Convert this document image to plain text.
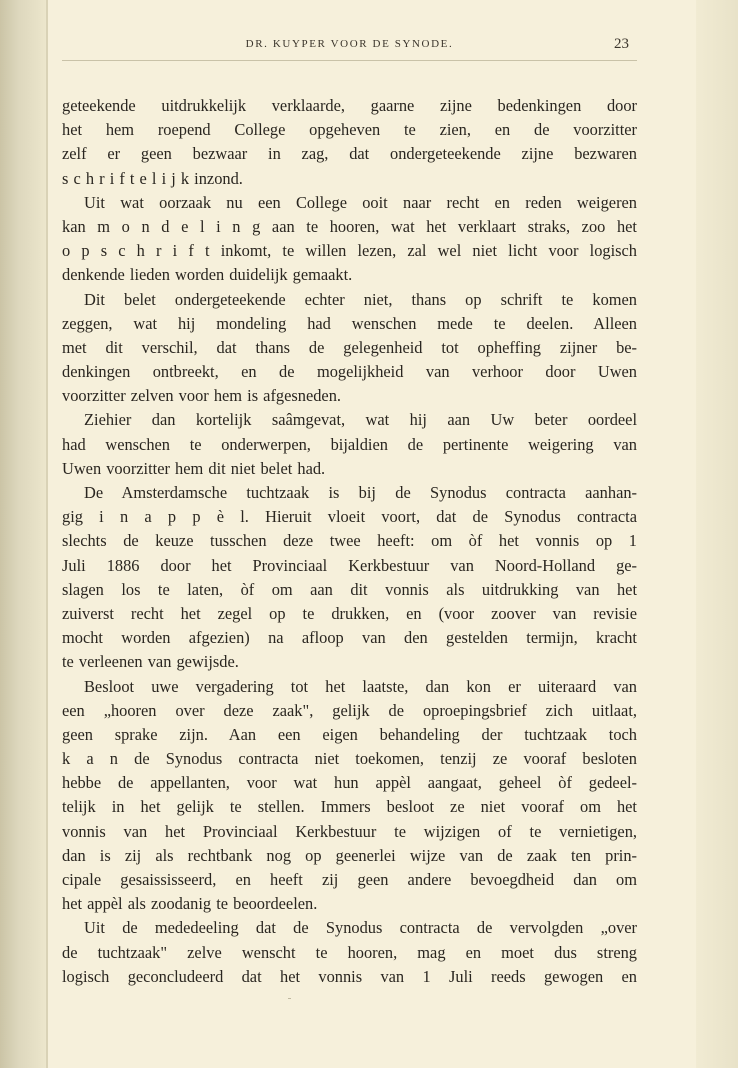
DR. KUYPER VOOR DE SYNODE.	23
geteekende uitdrukkelijk verklaarde, gaarne zijne bedenkingen door
het hem roepend College opgeheven te zien, en de voorzitter
zelf er geen bezwaar in zag, dat ondergeteekende zijne bezwaren
s c h r i f t e l i j k inzond.
Uit wat oorzaak nu een College ooit naar recht en reden weigeren
kan m o n d e l i n g aan te hooren, wat het verklaart straks, zoo het
o p s c h r i f t inkomt, te willen lezen, zal wel niet licht voor logisch
denkende lieden worden duidelijk gemaakt.
Dit belet ondergeteekende echter niet, thans op schrift te komen
zeggen, wat hij mondeling had wenschen mede te deelen. Alleen
met dit verschil, dat thans de gelegenheid tot opheffing zijner be-
denkingen ontbreekt, en de mogelijkheid van verhoor door Uwen
voorzitter zelven voor hem is afgesneden.
Ziehier dan kortelijk saâmgevat, wat hij aan Uw beter oordeel
had wenschen te onderwerpen, bijaldien de pertinente weigering van
Uwen voorzitter hem dit niet belet had.
De Amsterdamsche tuchtzaak is bij de Synodus contracta aanhan-
gig i n a p p è l. Hieruit vloeit voort, dat de Synodus contracta
slechts de keuze tusschen deze twee heeft: om òf het vonnis op 1
Juli 1886 door het Provinciaal Kerkbestuur van Noord-Holland ge-
slagen los te laten, òf om aan dit vonnis als uitdrukking van het
zuiverst recht het zegel op te drukken, en (voor zoover van revisie
mocht worden afgezien) na afloop van den gestelden termijn, kracht
te verleenen van gewijsde.
Besloot uwe vergadering tot het laatste, dan kon er uiteraard van
een „hooren over deze zaak", gelijk de oproepingsbrief zich uitlaat,
geen sprake zijn. Aan een eigen behandeling der tuchtzaak toch
k a n de Synodus contracta niet toekomen, tenzij ze vooraf besloten
hebbe de appellanten, voor wat hun appèl aangaat, geheel òf gedeel-
telijk in het gelijk te stellen. Immers besloot ze niet vooraf om het
vonnis van het Provinciaal Kerkbestuur te wijzigen of te vernietigen,
dan is zij als rechtbank nog op geenerlei wijze van de zaak ten prin-
cipale gesaississeerd, en heeft zij geen andere bevoegdheid dan om
het appèl als zoodanig te beoordeelen.
Uit de mededeeling dat de Synodus contracta de vervolgden „over
de tuchtzaak" zelve wenscht te hooren, mag en moet dus streng
logisch geconcludeerd dat het vonnis van 1 Juli reeds gewogen en
